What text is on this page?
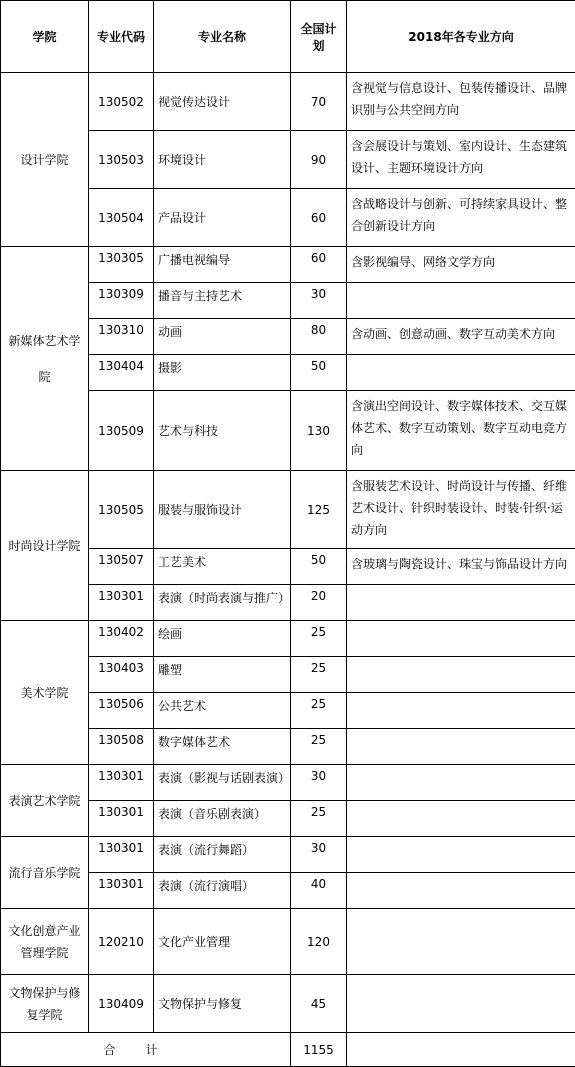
学院	专业代码	专业名称	全国计划	2018年各专业方向
设计学院	130502	视觉传达设计	70	含视觉与信息设计、包装传播设计、品牌识别与公共空间方向
	130503	环境设计	90	含会展设计与策划、室内设计、生态建筑设计、主题环境设计方向
	130504	产品设计	60	含战略设计与创新、可持续家具设计、整合创新设计方向
新媒体艺术学院	130305	广播电视编导	60	含影视编导、网络文学方向
	130309	播音与主持艺术	30	
	130310	动画	80	含动画、创意动画、数字互动美术方向
	130404	摄影	50	
	130509	艺术与科技	130	含演出空间设计、数字媒体技术、交互媒体艺术、数字互动策划、数字互动电竞方向
时尚设计学院	130505	服装与服饰设计	125	含服装艺术设计、时尚设计与传播、纤维艺术设计、针织时装设计、时装·针织·运动方向
	130507	工艺美术	50	含玻璃与陶瓷设计、珠宝与饰品设计方向
	130301	表演（时尚表演与推广）	20	
美术学院	130402	绘画	25	
	130403	雕塑	25	
	130506	公共艺术	25	
	130508	数字媒体艺术	25	
表演艺术学院	130301	表演（影视与话剧表演）	30	
	130301	表演（音乐剧表演）	25	
流行音乐学院	130301	表演（流行舞蹈）	30	
	130301	表演（流行演唱）	40	
文化创意产业管理学院	120210	文化产业管理	120	
文物保护与修复学院	130409	文物保护与修复	45	
合计			1155	
